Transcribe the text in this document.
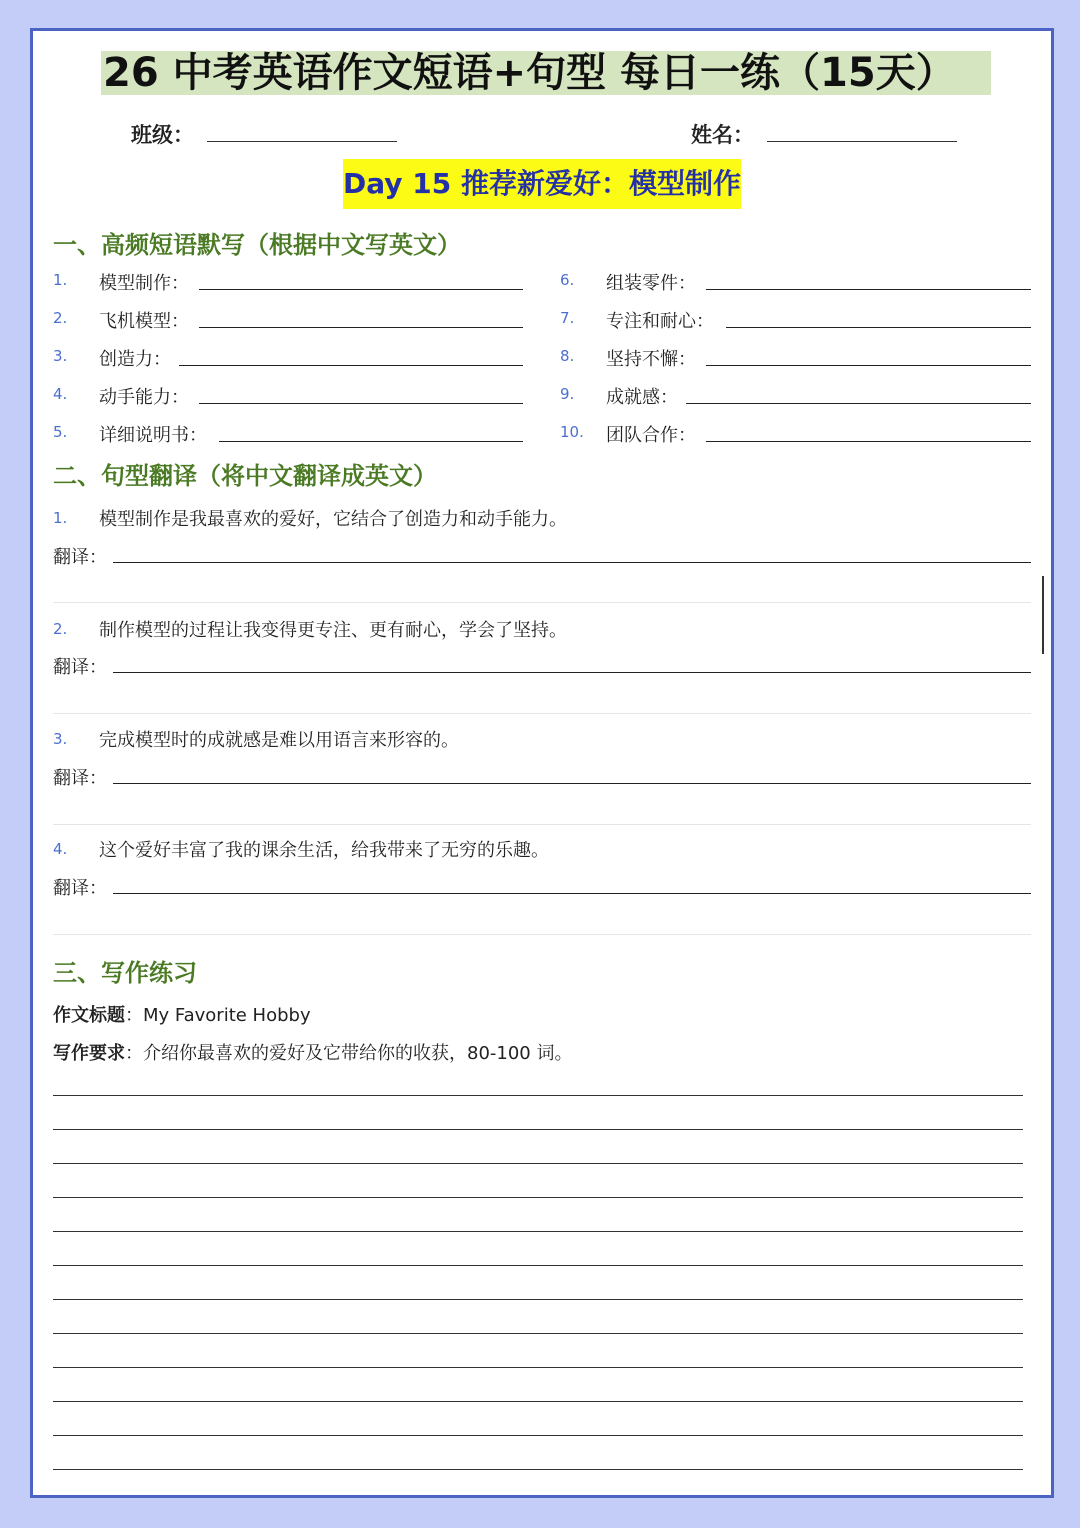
26 中考英语作文短语+句型 每日一练（15天）
班级：	姓名：
Day 15 推荐新爱好：模型制作
一、高频短语默写（根据中文写英文）
1. 模型制作：
2. 飞机模型：
3. 创造力：
4. 动手能力：
5. 详细说明书：
6. 组装零件：
7. 专注和耐心：
8. 坚持不懈：
9. 成就感：
10. 团队合作：
二、句型翻译（将中文翻译成英文）
1. 模型制作是我最喜欢的爱好，它结合了创造力和动手能力。
翻译：
2. 制作模型的过程让我变得更专注、更有耐心，学会了坚持。
翻译：
3. 完成模型时的成就感是难以用语言来形容的。
翻译：
4. 这个爱好丰富了我的课余生活，给我带来了无穷的乐趣。
翻译：
三、写作练习
作文标题：My Favorite Hobby
写作要求：介绍你最喜欢的爱好及它带给你的收获，80-100 词。
